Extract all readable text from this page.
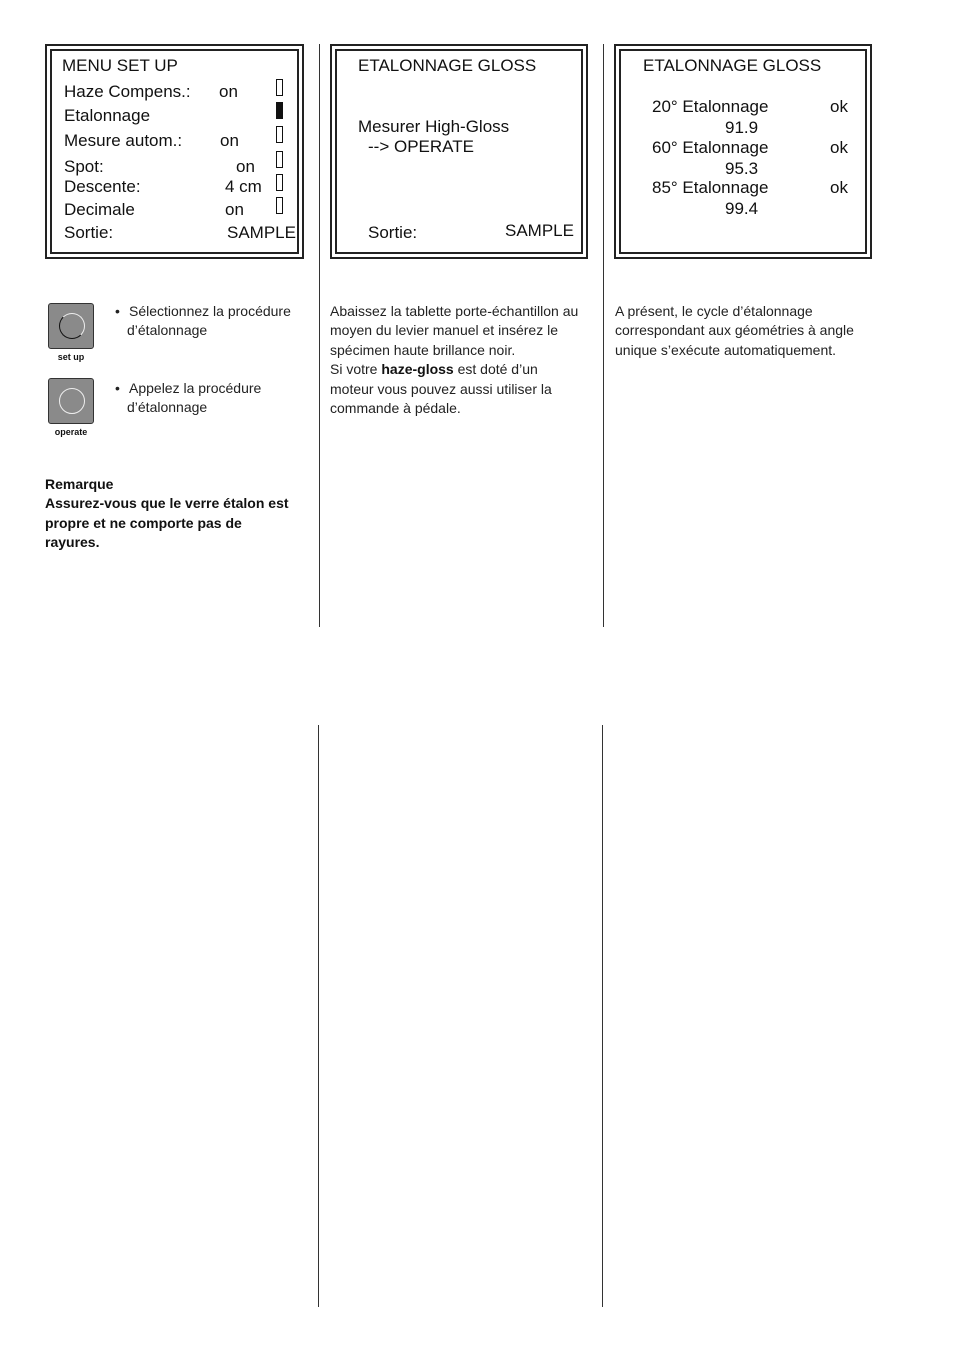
MENU SET UP
Haze Compens.: on
Etalonnage
Mesure autom.: on
Spot:	on
Descente:	4 cm
Decimale	on
Sortie:	SAMPLE
ETALONNAGE GLOSS
Mesurer High-Gloss
--> OPERATE
Sortie:	SAMPLE
ETALONNAGE GLOSS
20° Etalonnage	ok
91.9
60° Etalonnage	ok
95.3
85° Etalonnage	ok
99.4
set up
• Sélectionnez la procédure
d’étalonnage
operate
• Appelez la procédure
d’étalonnage
Remarque
Assurez-vous que le verre étalon est
propre et ne comporte pas de
rayures.
Abaissez la tablette porte-échantillon au
moyen du levier manuel et insérez le
spécimen haute brillance noir.
Si votre haze-gloss est doté d’un
moteur vous pouvez aussi utiliser la
commande à pédale.
A présent, le cycle d’étalonnage
correspondant aux géométries à angle
unique s’exécute automatiquement.
